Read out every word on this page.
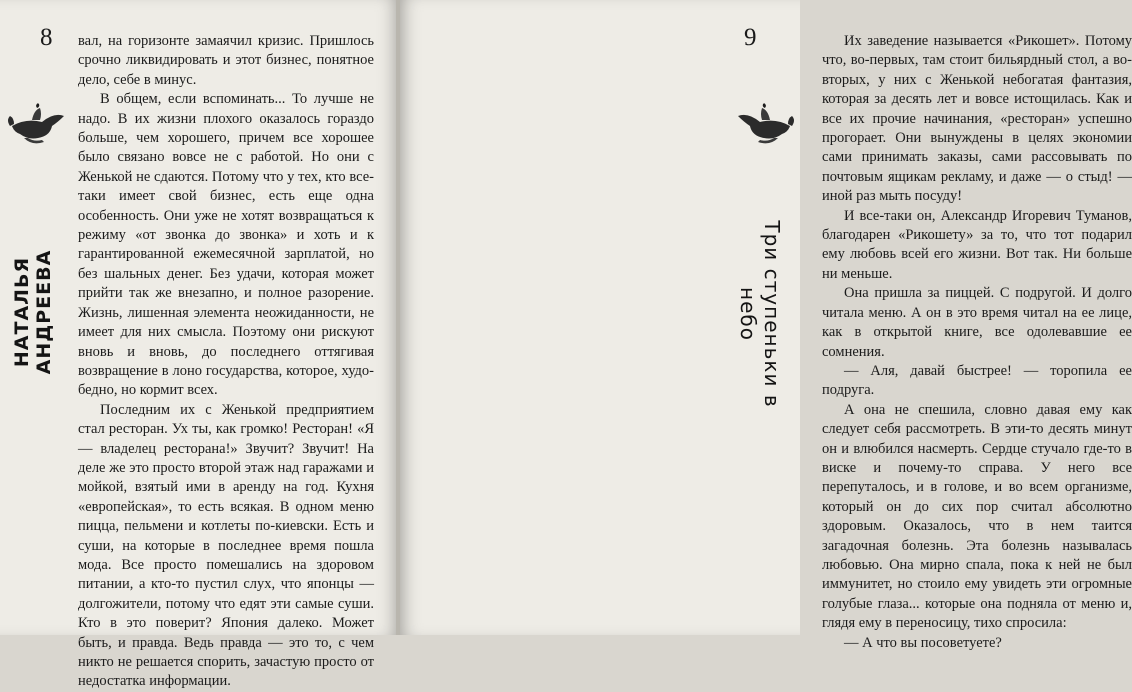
8
НАТАЛЬЯ АНДРЕЕВА

вал, на горизонте замаячил кризис. Пришлось срочно ликвидировать и этот бизнес, понятное дело, себе в минус.

В общем, если вспоминать... То лучше не надо. В их жизни плохого оказалось гораздо больше, чем хорошего, причем все хорошее было связано вовсе не с работой. Но они с Женькой не сдаются. Потому что у тех, кто все-таки имеет свой бизнес, есть еще одна особенность. Они уже не хотят возвращаться к режиму «от звонка до звонка» и хоть и к гарантированной ежемесячной зарплатой, но без шальных денег. Без удачи, которая может прийти так же внезапно, и полное разорение. Жизнь, лишенная элемента неожиданности, не имеет для них смысла. Поэтому они рискуют вновь и вновь, до последнего оттягивая возвращение в лоно государства, которое, худо-бедно, но кормит всех.

Последним их с Женькой предприятием стал ресторан. Ух ты, как громко! Ресторан! «Я — владелец ресторана!» Звучит? Звучит! На деле же это просто второй этаж над гаражами и мойкой, взятый ими в аренду на год. Кухня «европейская», то есть всякая. В одном меню пицца, пельмени и котлеты по-киевски. Есть и суши, на которые в последнее время пошла мода. Все просто помешались на здоровом питании, а кто-то пустил слух, что японцы — долгожители, потому что едят эти самые суши. Кто в это поверит? Япония далеко. Может быть, и правда. Ведь правда — это то, с чем никто не решается спорить, зачастую просто от недостатка информации.

Их заведение называется «Рикошет». Потому что, во-первых, там стоит бильярдный стол, а во-вторых, у них с Женькой небогатая фантазия, которая за десять лет и вовсе истощилась. Как и все их прочие начинания, «ресторан» успешно прогорает. Они вынуждены в целях экономии сами принимать заказы, сами рассовывать по почтовым ящикам рекламу, и даже — о стыд! — иной раз мыть посуду!

И все-таки он, Александр Игоревич Туманов, благодарен «Рикошету» за то, что тот подарил ему любовь всей его жизни. Вот так. Ни больше ни меньше.

Она пришла за пиццей. С подругой. И долго читала меню. А он в это время читал на ее лице, как в открытой книге, все одолевавшие ее сомнения.

— Аля, давай быстрее! — торопила ее подруга.

А она не спешила, словно давая ему как следует себя рассмотреть. В эти-то десять минут он и влюбился насмерть. Сердце стучало где-то в виске и почему-то справа. У него все перепуталось, и в голове, и во всем организме, который он до сих пор считал абсолютно здоровым. Оказалось, что в нем таится загадочная болезнь. Эта болезнь называлась любовью. Она мирно спала, пока к ней не был иммунитет, но стоило ему увидеть эти огромные голубые глаза... которые она подняла от меню и, глядя ему в переносицу, тихо спросила:

— А что вы посоветуете?

9
Три ступеньки в небо
